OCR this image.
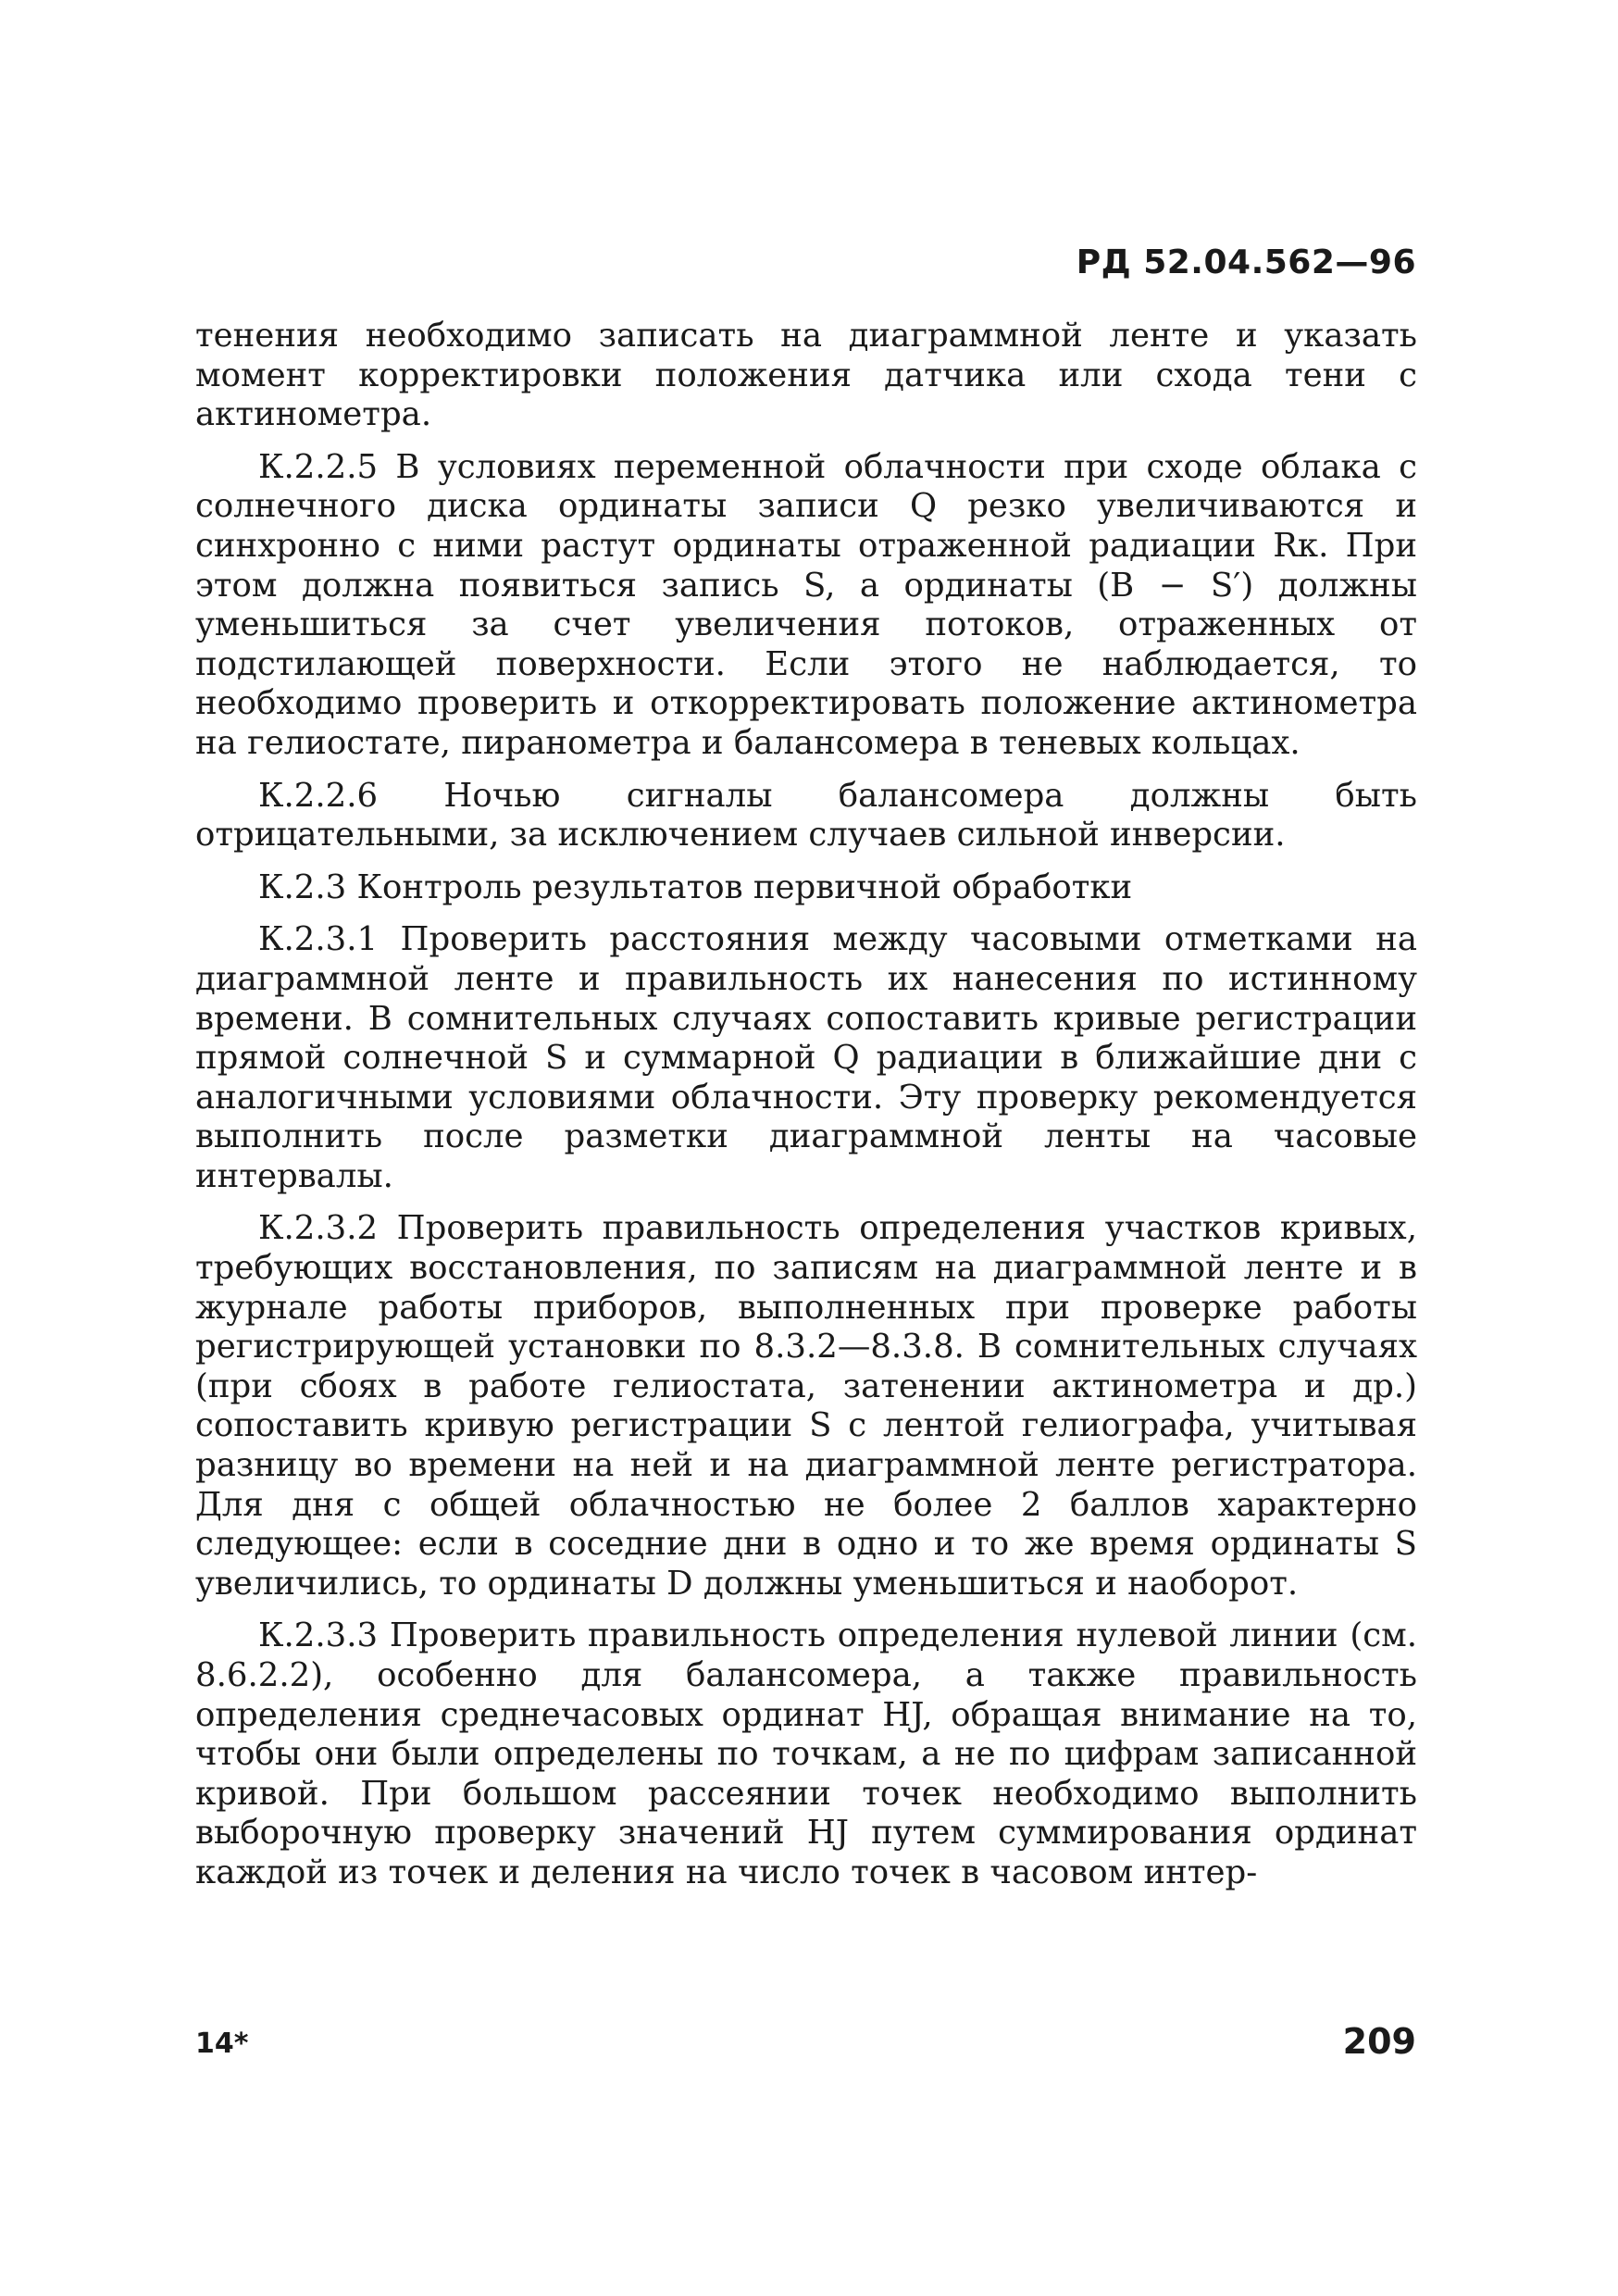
РД 52.04.562—96

тенения необходимо записать на диаграммной ленте и указать момент корректировки положения датчика или схода тени с актинометра.

К.2.2.5 В условиях переменной облачности при сходе облака с солнечного диска ординаты записи Q резко увеличиваются и синхронно с ними растут ординаты отраженной радиации Rк. При этом должна появиться запись S, а ординаты (B − S′) должны уменьшиться за счет увеличения потоков, отраженных от подстилающей поверхности. Если этого не наблюдается, то необходимо проверить и откорректировать положение актинометра на гелиостате, пиранометра и балансомера в теневых кольцах.

К.2.2.6 Ночью сигналы балансомера должны быть отрицательными, за исключением случаев сильной инверсии.

К.2.3 Контроль результатов первичной обработки

К.2.3.1 Проверить расстояния между часовыми отметками на диаграммной ленте и правильность их нанесения по истинному времени. В сомнительных случаях сопоставить кривые регистрации прямой солнечной S и суммарной Q радиации в ближайшие дни с аналогичными условиями облачности. Эту проверку рекомендуется выполнить после разметки диаграммной ленты на часовые интервалы.

К.2.3.2 Проверить правильность определения участков кривых, требующих восстановления, по записям на диаграммной ленте и в журнале работы приборов, выполненных при проверке работы регистрирующей установки по 8.3.2—8.3.8. В сомнительных случаях (при сбоях в работе гелиостата, затенении актинометра и др.) сопоставить кривую регистрации S с лентой гелиографа, учитывая разницу во времени на ней и на диаграммной ленте регистратора. Для дня с общей облачностью не более 2 баллов характерно следующее: если в соседние дни в одно и то же время ординаты S увеличились, то ординаты D должны уменьшиться и наоборот.

К.2.3.3 Проверить правильность определения нулевой линии (см. 8.6.2.2), особенно для балансомера, а также правильность определения среднечасовых ординат HJ, обращая внимание на то, чтобы они были определены по точкам, а не по цифрам записанной кривой. При большом рассеянии точек необходимо выполнить выборочную проверку значений HJ путем суммирования ординат каждой из точек и деления на число точек в часовом интер-

14*	209
